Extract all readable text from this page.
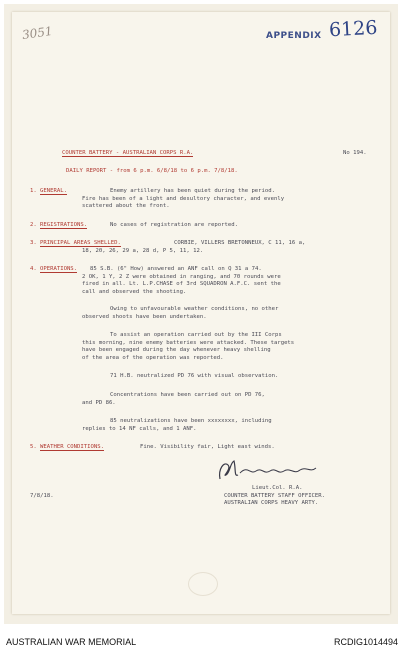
3051	APPENDIX 6126
COUNTER BATTERY - AUSTRALIAN CORPS R.A.	No 194.
DAILY REPORT - from 6 p.m. 6/8/18 to 6 p.m. 7/8/18.
1. GENERAL.	Enemy artillery has been quiet during the period.
Fire has been of a light and desultory character, and evenly
scattered about the front.
2. REGISTRATIONS.	No cases of registration are reported.
3. PRINCIPAL AREAS SHELLED.	CORBIE, VILLERS BRETONNEUX, C 11, 16 a,
18, 20, 26, 29 a, 28 d, P 5, 11, 12.
4. OPERATIONS. 85 S.B. (6" How) answered an ANF call on Q 31 a 74.
2 OK, 1 Y, 2 Z were obtained in ranging, and 70 rounds were
fired in all. Lt. L.P.CHASE of 3rd SQUADRON A.F.C. sent the
call and observed the shooting.
Owing to unfavourable weather conditions, no other
observed shoots have been undertaken.
To assist an operation carried out by the III Corps
this morning, nine enemy batteries were attacked. These targets
have been engaged during the day whenever heavy shelling
of the area of the operation was reported.
71 H.B. neutralized PD 76 with visual observation.
Concentrations have been carried out on PD 76,
and PD 86.
85 neutralizations have been xxxxxxxx, including
replies to 14 NF calls, and 1 ANF.
5. WEATHER CONDITIONS.	Fine. Visibility fair, Light east winds.
Lieut.Col. R.A.
COUNTER BATTERY STAFF OFFICER.
AUSTRALIAN CORPS HEAVY ARTY.
7/8/18.
AUSTRALIAN WAR MEMORIAL	RCDIG1014494
